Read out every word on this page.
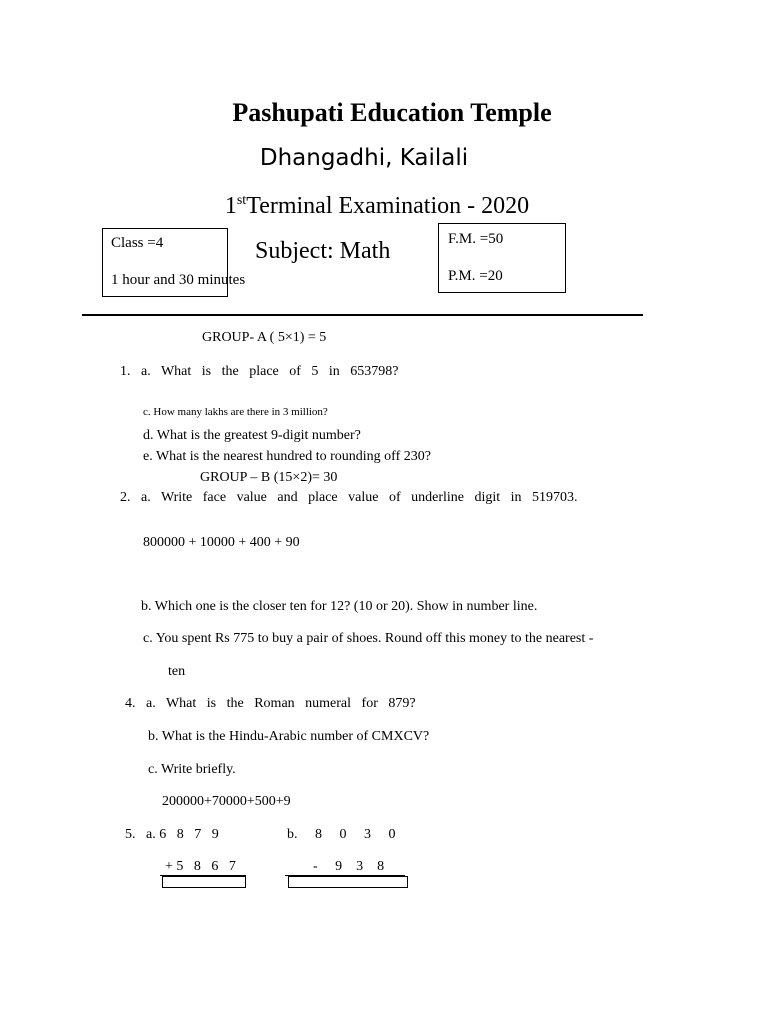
Pashupati Education Temple
Dhangadhi, Kailali
1stTerminal Examination - 2020
Class =4
1 hour and 30 minutes
Subject: Math	F.M. =50
P.M. =20
GROUP- A ( 5×1) = 5
1.   a.   What   is   the   place   of   5   in   653798?
c. How many lakhs are there in 3 million?
d. What is the greatest 9-digit number?
e. What is the nearest hundred to rounding off 230?
GROUP – B (15×2)= 30
2.   a.   Write   face   value   and   place   value   of   underline   digit   in   519703.
800000 + 10000 + 400 + 90
b. Which one is the closer ten for 12? (10 or 20). Show in number line.
c. You spent Rs 775 to buy a pair of shoes. Round off this money to the nearest -
ten
4.   a.   What   is   the   Roman   numeral   for   879?
b. What is the Hindu-Arabic number of CMXCV?
c. Write briefly.
200000+70000+500+9
5.   a. 6   8   7   9	b.     8     0     3     0
+ 5   8   6   7	-     9    3    8
